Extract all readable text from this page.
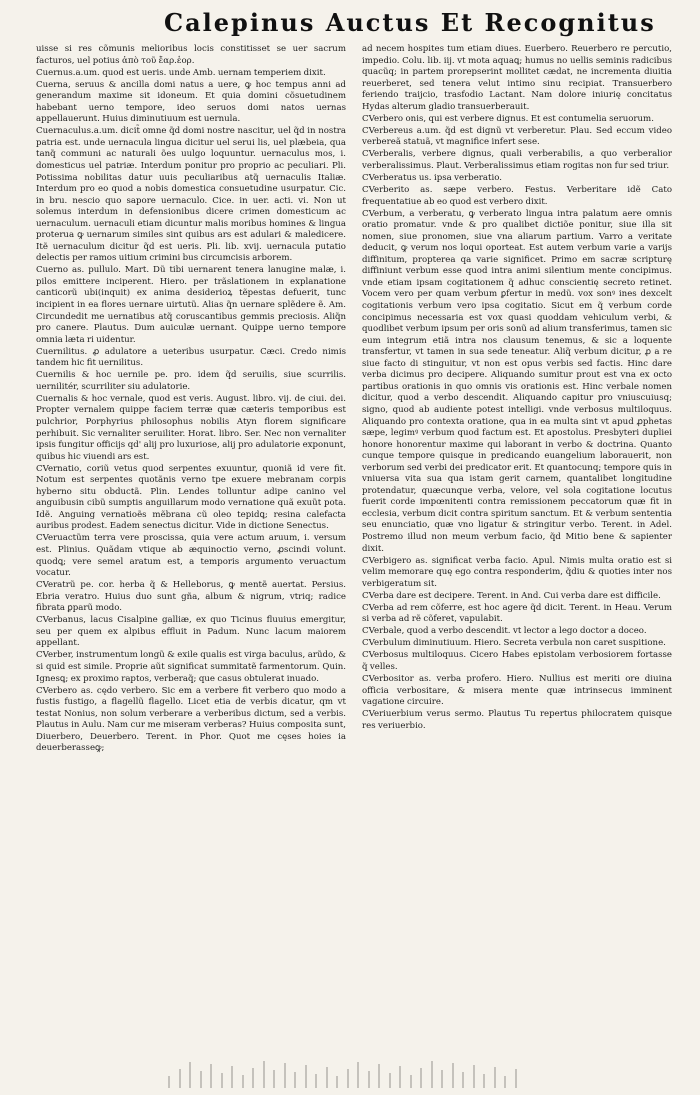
Calepinus Auctus Et Recognitus

uisse si res cõmunis melioribus locis constitisset se uer sacrum facturos, uel potius ἀπὸ τοῦ ἔαρ.ἑορ.

Cuernus.a.um. quod est ueris. unde Amb. uernam temperiem dixit.

Cuerna, seruus & ancilla domi natus a uere, ꝙ hoc tempus anni ad generandum maxime sit idoneum. Et quia domini cõsuetudinem habebant uerno tempore, ideo seruos domi natos uernas appellauerunt. Huius diminutiuum est uernula.

Cuernaculus.a.um. dicit̃ omne q̃d domi nostre nascitur, uel q̃d in nostra patria est. unde uernacula lingua dicitur uel serui lis, uel plæbeia, qua tanq̃ communi ac naturali ões uulgo loquuntur. uernaculus mos, i. domesticus uel patriæ. Interdum ponitur pro proprio ac peculiari. Pli. Potissima nobilitas datur uuis peculiaribus atq̃ uernaculis Italiæ. Interdum pro eo quod a nobis domestica consuetudine usurpatur. Cic. in bru. nescio quo sapore uernaculo. Cice. in uer. acti. vi. Non ut solemus interdum in defensionibus dicere crimen domesticum ac uernaculum. uernaculi etiam dicuntur malis moribus homines & lingua proterua ꝙ uernarum similes sint quibus ars est adulari & maledicere. Itẽ uernaculum dicitur q̃d est ueris. Pli. lib. xvij. uernacula putatio delectis per ramos uitium crimini bus circumcisis arborem.

Cuerno as. pullulo. Mart. Dũ tibi uernarent tenera lanugine malæ, i. pilos emittere inciperent. Hiero. per trãslationem in explanatione canticorũ ubi(inquit) ex anima desiderioꝝ tẽpestas defuerit, tunc incipient in ea flores uernare uirtutũ. Alias q̃n uernare splẽdere ẽ. Am. Circundedit me uernatibus atq̃ coruscantibus gemmis preciosis. Aliq̃n pro canere. Plautus. Dum auiculæ uernant. Quippe uerno tempore omnia læta ri uidentur.

Cuernilitus. ꝓ adulatore a ueteribus usurpatur. Cæci. Credo nimis tandem hic fit uernilitus.

Cuernilis & hoc uernile pe. pro. idem q̃d seruilis, siue scurrilis. uernilitér, scurriliter siu adulatorie.

Cuernalis & hoc vernale, quod est veris. August. libro. vij. de ciui. dei. Propter vernalem quippe faciem terræ quæ cæteris temporibus est pulchrior, Porphyrius philosophus nobilis Atyn florem significare perhibuit. Sic vernaliter seruiliter. Horat. libro. Ser. Nec non vernaliter ipsis fungitur officijs qd' alij pro luxuriose, alij pro adulatorie exponunt, quibus hic viuendi ars est.

CVernatio, coriũ vetus quod serpentes exuuntur, quoniã id vere fit. Notum est serpentes quotãnis verno tpe exuere mebranam corpis hyberno situ obductã. Plin. Lendes tolluntur adipe canino vel anguibusin cibũ sumptis anguillarum modo vernatione quã exuũt pota. Idẽ. Anguing vernatioẽs mẽbrana cũ oleo tepidꝗ; resina calefacta auribus prodest. Eadem senectus dicitur. Vide in dictione Senectus.

CVeruactũm terra vere proscissa, quia vere actum aruum, i. versum est. Plinius. Quãdam vtique ab æquinoctio verno, ꝓscindi volunt. quodꝗ; vere semel aratum est, a temporis argumento veruactum vocatur.

CVeratrũ pe. cor. herba q̃ & Helleborus, ꝙ mentẽ auertat. Persius. Ebria veratro. Huius duo sunt gña, album & nigrum, vtriq; radice fibrata ꝑparũ modo.

CVerbanus, lacus Cisalpine galliæ, ex quo Ticinus fluuius emergitur, seu per quem ex alpibus effluit in Padum. Nunc lacum maiorem appellant.

CVerber, instrumentum longũ & exile qualis est virga baculus, arũdo, & si quid est simile. Proprie aũt significat summitatẽ farmentorum. Quin. Ignesꝗ; ex proximo raptos, verberaq̃; que casus obtulerat inuado.

CVerbero as. cędo verbero. Sic em a verbere fit verbero quo modo a fustis fustigo, a flagellũ flagello. Licet etia de verbis dicatur, qm vt testat Nonius, non solum verberare a verberibus dictum, sed a verbis. Plautus in Aulu. Nam cur me miseram verberas? Huius composita sunt, Diuerbero, Deuerbero. Terent. in Phor. Quot me cęses hoies ia deuerberasseꝙ;

ad necem hospites tum etiam diues. Euerbero. Reuerbero re percutio, impedio. Colu. lib. iij. vt mota aquaꝗ; humus no uellis seminis radicibus quacũq; in partem prorepserint mollitet cædat, ne incrementa diuitia reuerberet, sed tenera velut intimo sinu recipiat. Transuerbero feriendo traijcio, trasfodio Lactant. Nam dolore iniurię concitatus Hydas alterum gladio transuerberauit.

CVerbero onis, qui est verbere dignus. Et est contumelia seruorum.

CVerbereus a.um. q̃d est dignũ vt verberetur. Plau. Sed eccum video verbereã statuã, vt magnifice infert sese.

CVerberalis, verbere dignus, quali verberabilis, a quo verberalior verberalissimus. Plaut. Verberalissimus etiam rogitas non fur sed triur.

CVerberatus us. ipsa verberatio.

CVerberito as. sæpe verbero. Festus. Verberitare idẽ Cato frequentatiue ab eo quod est verbero dixit.

CVerbum, a verberatu, ꝙ verberato lingua intra palatum aere omnis oratio promatur. vnde & pro qualibet dictiõe ponitur, siue illa sit nomen, siue pronomen, siue vna aliarum partium. Varro a veritate deducit, ꝙ verum nos loqui oporteat. Est autem verbum varie a varijs diffinitum, propterea qa varie significet. Primo em sacræ scripturę diffiniunt verbum esse quod intra animi silentium mente concipimus. vnde etiam ipsam cogitationem q̃ adhuc conscientię secreto retinet. Vocem vero per quam verbum ꝑfertur in medũ. vox sonꝰ ines dexcelt cogitationis verbum vero ipsa cogitatio. Sicut em q̃ verbum corde concipimus necessaria est vox quasi quoddam vehiculum verbi, & quodlibet verbum ipsum per oris sonũ ad alium transferimus, tamen sic eum integrum etiã intra nos clausum tenemus, & sic a loquente transfertur, vt tamen in sua sede teneatur. Aliq̃ verbum dicitur, ꝓ a re siue facto di stinguitur, vt non est opus verbis sed factis. Hinc dare verba dicimus pro decipere. Aliquando sumitur prout est vna ex octo partibus orationis in quo omnis vis orationis est. Hinc verbale nomen dicitur, quod a verbo descendit. Aliquando capitur pro vniuscuiusq; signo, quod ab audiente potest intelligi. vnde verbosus multiloquus. Aliquando pro contexta oratione, qua in ea multa sint vt apud ꝓphetas sæpe, legimꝰ verbum quod factum est. Et apostolus. Presbyteri dupliei honore honorentur maxime qui laborant in verbo & doctrina. Quanto cunque tempore quisque in predicando euangelium laborauerit, non verborum sed verbi dei predicator erit. Et quantocunq; tempore quis in vniuersa vita sua qua istam gerit carnem, quantalibet longitudine protendatur, quæcunque verba, velore, vel sola cogitatione locutus fuerit corde impœnitenti contra remissionem peccatorum quæ fit in ecclesia, verbum dicit contra spiritum sanctum. Et & verbum sententia seu enunciatio, quæ vno ligatur & stringitur verbo. Terent. in Adel. Postremo illud non meum verbum facio, q̃d Mitio bene & sapienter dixit.

CVerbigero as. significat verba facio. Apul. Nimis multa oratio est si velim memorare quę ego contra responderim, q̃diu & quoties inter nos verbigeratum sit.

CVerba dare est decipere. Terent. in And. Cui verba dare est difficile.

CVerba ad rem cõferre, est hoc agere q̃d dicit. Terent. in Heau. Verum si verba ad rẽ cõferet, vapulabit.

CVerbale, quod a verbo descendit. vt lector a lego doctor a doceo.

CVerbulum diminutiuum. Hiero. Secreta verbula non caret suspitione.

CVerbosus multiloquus. Cicero Habes epistolam verbosiorem fortasse q̃ velles.

CVerbositor as. verba profero. Hiero. Nullius est meriti ore diuina officia verbositare, & misera mente quæ intrinsecus imminent vagatione circuire.

CVeriuerbium verus sermo. Plautus Tu repertus philocratem quisque res veriuerbio.
